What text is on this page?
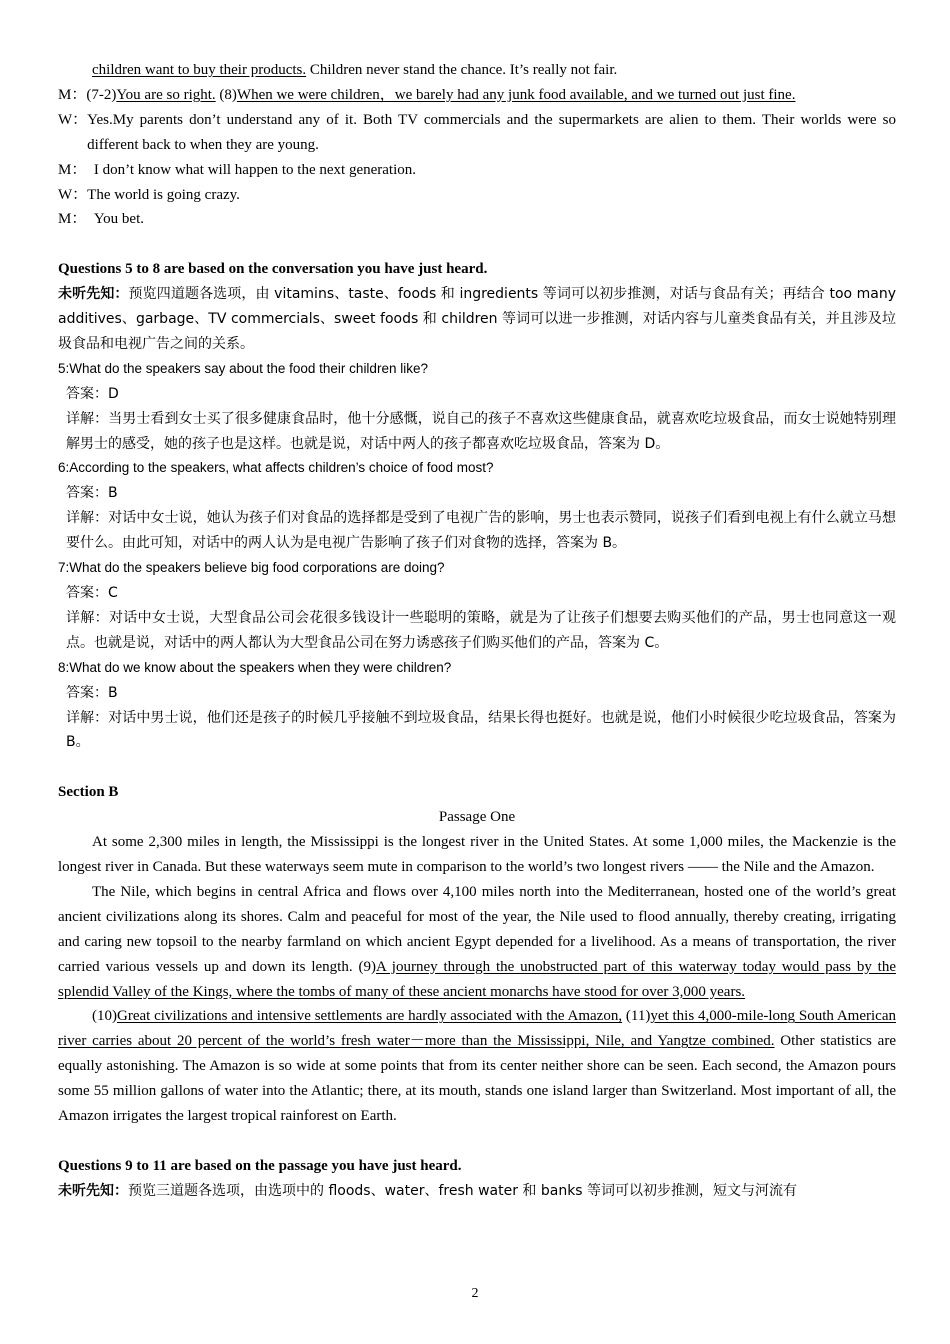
children want to buy their products. Children never stand the chance. It’s really not fair.
M： (7-2)You are so right. (8)When we were children，we barely had any junk food available, and we turned out just fine.
W： Yes.My parents don’t understand any of it. Both TV commercials and the supermarkets are alien to them. Their worlds were so different back to when they are young.
M： I don’t know what will happen to the next generation.
W： The world is going crazy.
M： You bet.
Questions 5 to 8 are based on the conversation you have just heard.
未听先知：预览四道题各选项，由 vitamins、taste、foods 和 ingredients 等词可以初步推测，对话与食品有关；再结合 too many additives、garbage、TV commercials、sweet foods 和 children 等词可以进一步推测，对话内容与儿童类食品有关，并且涉及垃圾食品和电视广告之间的关系。
5:What do the speakers say about the food their children like?
答案：D
详解：当男士看到女士买了很多健康食品时，他十分感慨，说自己的孩子不喜欢这些健康食品，就喜欢吃垃圾食品，而女士说她特别理解男士的感受，她的孩子也是这样。也就是说，对话中两人的孩子都喜欢吃垃圾食品，答案为 D。
6:According to the speakers, what affects children’s choice of food most?
答案：B
详解：对话中女士说，她认为孩子们对食品的选择都是受到了电视广告的影响，男士也表示赞同，说孩子们看到电视上有什么就立马想要什么。由此可知，对话中的两人认为是电视广告影响了孩子们对食物的选择，答案为 B。
7:What do the speakers believe big food corporations are doing?
答案：C
详解：对话中女士说，大型食品公司会花很多钱设计一些聪明的策略，就是为了让孩子们想要去购买他们的产品，男士也同意这一观点。也就是说，对话中的两人都认为大型食品公司在努力诱惑孩子们购买他们的产品，答案为 C。
8:What do we know about the speakers when they were children?
答案：B
详解：对话中男士说，他们还是孩子的时候几乎接触不到垃圾食品，结果长得也挺好。也就是说，他们小时候很少吃垃圾食品，答案为 B。
Section B
Passage One
At some 2,300 miles in length, the Mississippi is the longest river in the United States. At some 1,000 miles, the Mackenzie is the longest river in Canada. But these waterways seem mute in comparison to the world’s two longest rivers —— the Nile and the Amazon.
The Nile, which begins in central Africa and flows over 4,100 miles north into the Mediterranean, hosted one of the world’s great ancient civilizations along its shores. Calm and peaceful for most of the year, the Nile used to flood annually, thereby creating, irrigating and caring new topsoil to the nearby farmland on which ancient Egypt depended for a livelihood. As a means of transportation, the river carried various vessels up and down its length. (9)A journey through the unobstructed part of this waterway today would pass by the splendid Valley of the Kings, where the tombs of many of these ancient monarchs have stood for over 3,000 years.
(10)Great civilizations and intensive settlements are hardly associated with the Amazon, (11)yet this 4,000-mile-long South American river carries about 20 percent of the world’s fresh water－more than the Mississippi, Nile, and Yangtze combined. Other statistics are equally astonishing. The Amazon is so wide at some points that from its center neither shore can be seen. Each second, the Amazon pours some 55 million gallons of water into the Atlantic; there, at its mouth, stands one island larger than Switzerland. Most important of all, the Amazon irrigates the largest tropical rainforest on Earth.
Questions 9 to 11 are based on the passage you have just heard.
未听先知：预览三道题各选项，由选项中的 floods、water、fresh water 和 banks 等词可以初步推测，短文与河流有
2
